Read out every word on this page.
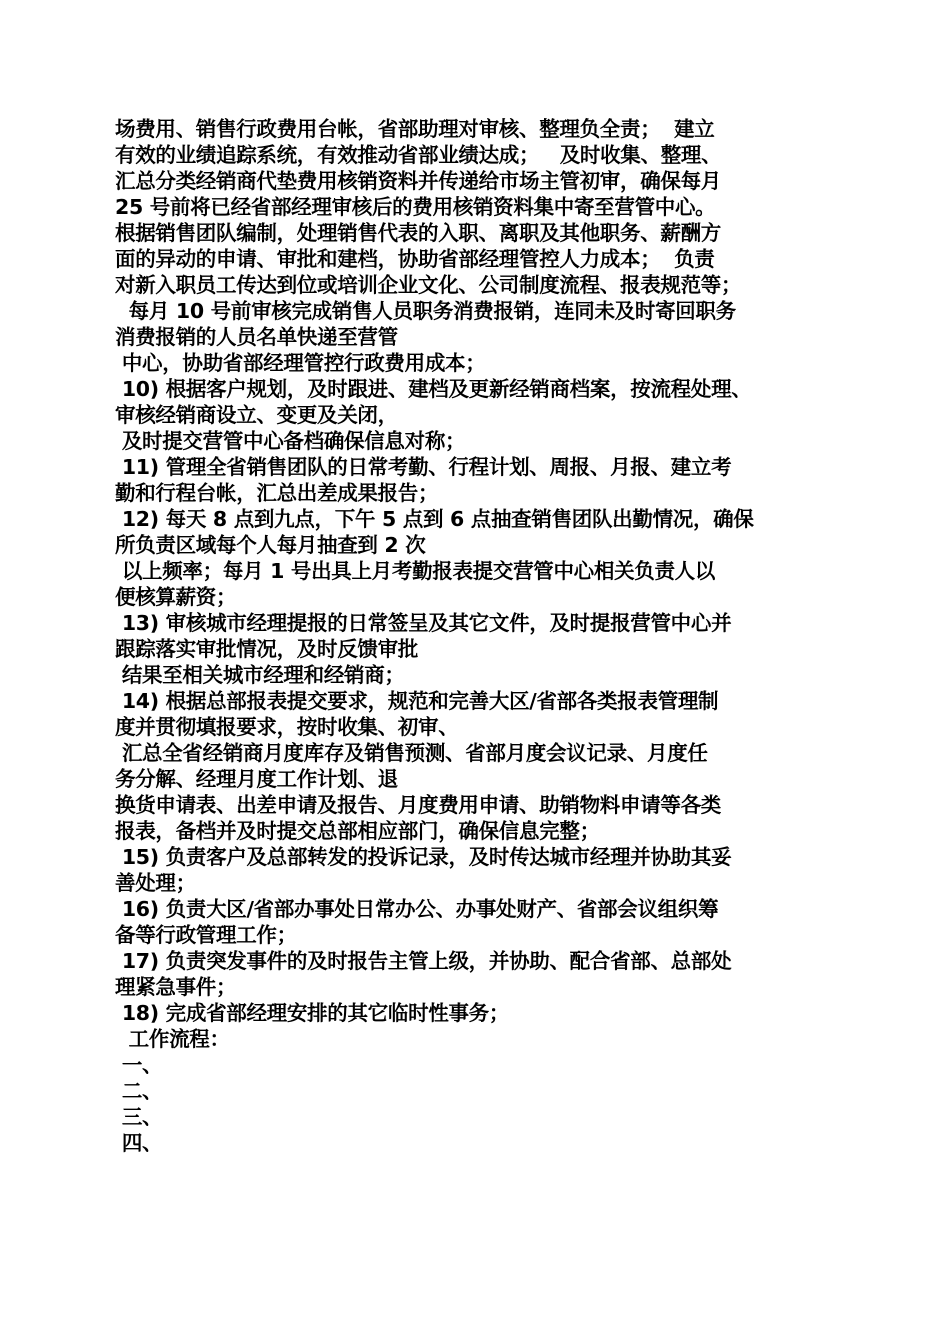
场费用、销售行政费用台帐，省部助理对审核、整理负全责；  建立
有效的业绩追踪系统，有效推动省部业绩达成；   及时收集、整理、
汇总分类经销商代垫费用核销资料并传递给市场主管初审，确保每月
25 号前将已经省部经理审核后的费用核销资料集中寄至营管中心。
根据销售团队编制，处理销售代表的入职、离职及其他职务、薪酬方
面的异动的申请、审批和建档，协助省部经理管控人力成本；  负责
对新入职员工传达到位或培训企业文化、公司制度流程、报表规范等；
每月 10 号前审核完成销售人员职务消费报销，连同未及时寄回职务
消费报销的人员名单快递至营管
中心，协助省部经理管控行政费用成本；
10) 根据客户规划，及时跟进、建档及更新经销商档案，按流程处理、
审核经销商设立、变更及关闭，
及时提交营管中心备档确保信息对称；
11) 管理全省销售团队的日常考勤、行程计划、周报、月报、建立考
勤和行程台帐，汇总出差成果报告；
12) 每天 8 点到九点，下午 5 点到 6 点抽查销售团队出勤情况，确保
所负责区域每个人每月抽查到 2 次
以上频率；每月 1 号出具上月考勤报表提交营管中心相关负责人以
便核算薪资；
13) 审核城市经理提报的日常签呈及其它文件，及时提报营管中心并
跟踪落实审批情况，及时反馈审批
结果至相关城市经理和经销商；
14) 根据总部报表提交要求，规范和完善大区/省部各类报表管理制
度并贯彻填报要求，按时收集、初审、
汇总全省经销商月度库存及销售预测、省部月度会议记录、月度任
务分解、经理月度工作计划、退
换货申请表、出差申请及报告、月度费用申请、助销物料申请等各类
报表，备档并及时提交总部相应部门，确保信息完整；
15) 负责客户及总部转发的投诉记录，及时传达城市经理并协助其妥
善处理；
16) 负责大区/省部办事处日常办公、办事处财产、省部会议组织筹
备等行政管理工作；
17) 负责突发事件的及时报告主管上级，并协助、配合省部、总部处
理紧急事件；
18) 完成省部经理安排的其它临时性事务；
工作流程：
一、
二、
三、
四、
